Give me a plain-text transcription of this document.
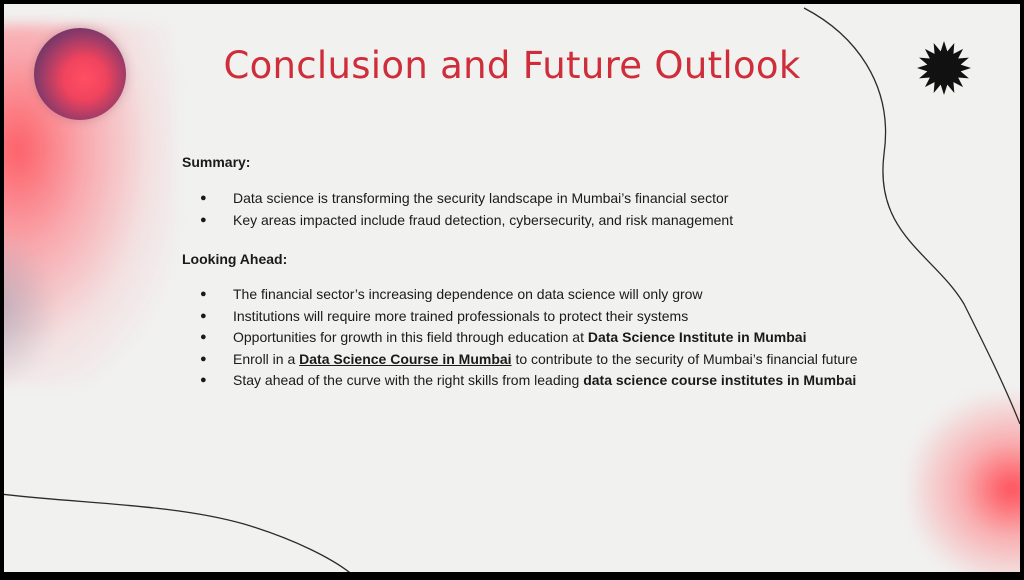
Conclusion and Future Outlook

Summary:

● Data science is transforming the security landscape in Mumbai’s financial sector
● Key areas impacted include fraud detection, cybersecurity, and risk management

Looking Ahead:

● The financial sector’s increasing dependence on data science will only grow
● Institutions will require more trained professionals to protect their systems
● Opportunities for growth in this field through education at Data Science Institute in Mumbai
● Enroll in a Data Science Course in Mumbai to contribute to the security of Mumbai’s financial future
● Stay ahead of the curve with the right skills from leading data science course institutes in Mumbai
